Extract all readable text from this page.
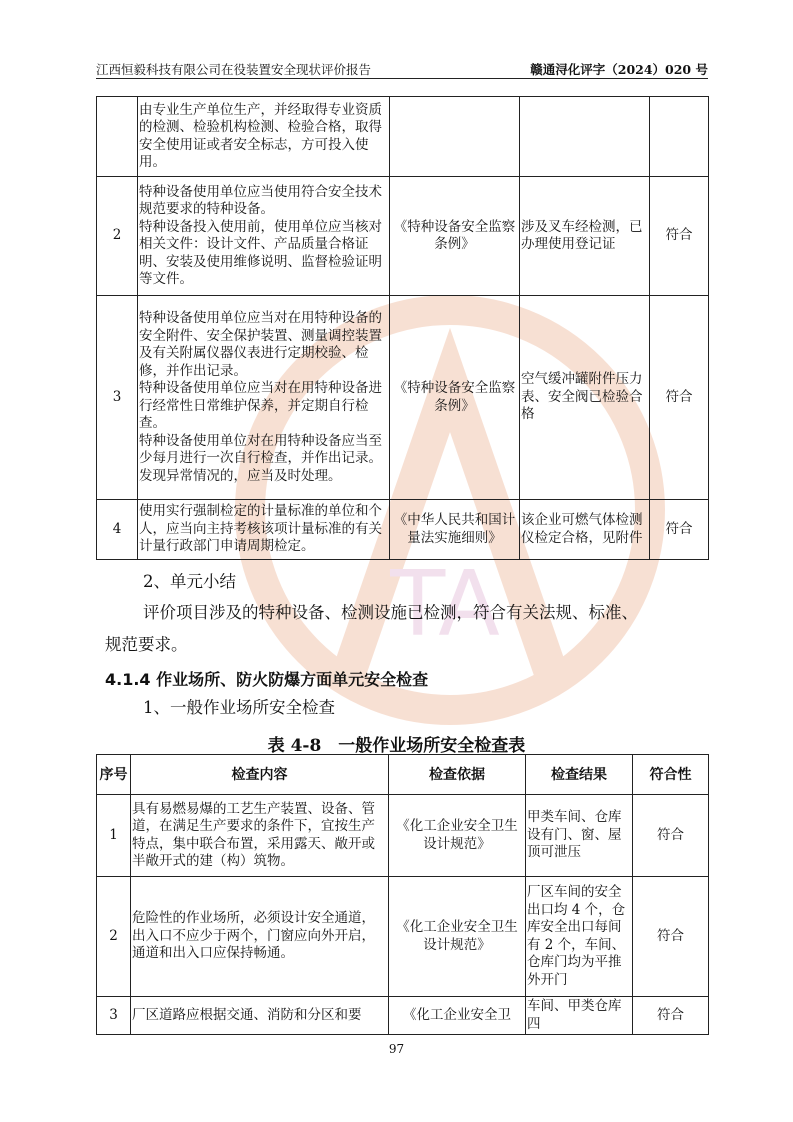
TA
江西恒毅科技有限公司在役装置安全现状评价报告	赣通浔化评字（2024）020 号

	由专业生产单位生产，并经取得专业资质的检测、检验机构检测、检验合格，取得安全使用证或者安全标志，方可投入使用。			

2	特种设备使用单位应当使用符合安全技术规范要求的特种设备。
特种设备投入使用前，使用单位应当核对相关文件：设计文件、产品质量合格证明、安装及使用维修说明、监督检验证明等文件。	《特种设备安全监察条例》	涉及叉车经检测，已办理使用登记证	符合
3	特种设备使用单位应当对在用特种设备的安全附件、安全保护装置、测量调控装置及有关附属仪器仪表进行定期校验、检修，并作出记录。
特种设备使用单位应当对在用特种设备进行经常性日常维护保养，并定期自行检查。
特种设备使用单位对在用特种设备应当至少每月进行一次自行检查，并作出记录。发现异常情况的，应当及时处理。	《特种设备安全监察条例》	空气缓冲罐附件压力表、安全阀已检验合格	符合
4	使用实行强制检定的计量标准的单位和个人，应当向主持考核该项计量标准的有关计量行政部门申请周期检定。	《中华人民共和国计量法实施细则》	该企业可燃气体检测仪检定合格，见附件	符合
2、单元小结
评价项目涉及的特种设备、检测设施已检测，符合有关法规、标准、
规范要求。
4.1.4 作业场所、防火防爆方面单元安全检查
1、一般作业场所安全检查
表 4-8　一般作业场所安全检查表
序号	检查内容	检查依据	检查结果	符合性
1	具有易燃易爆的工艺生产装置、设备、管道，在满足生产要求的条件下，宜按生产特点，集中联合布置，采用露天、敞开或半敞开式的建（构）筑物。	《化工企业安全卫生设计规范》	甲类车间、仓库设有门、窗、屋顶可泄压	符合
2	危险性的作业场所，必须设计安全通道，出入口不应少于两个，门窗应向外开启，通道和出入口应保持畅通。	《化工企业安全卫生设计规范》	厂区车间的安全出口均 4 个，仓库安全出口每间有 2 个，车间、仓库门均为平推外开门	符合
3	厂区道路应根据交通、消防和分区和要	《化工企业安全卫	车间、甲类仓库四	符合
97
